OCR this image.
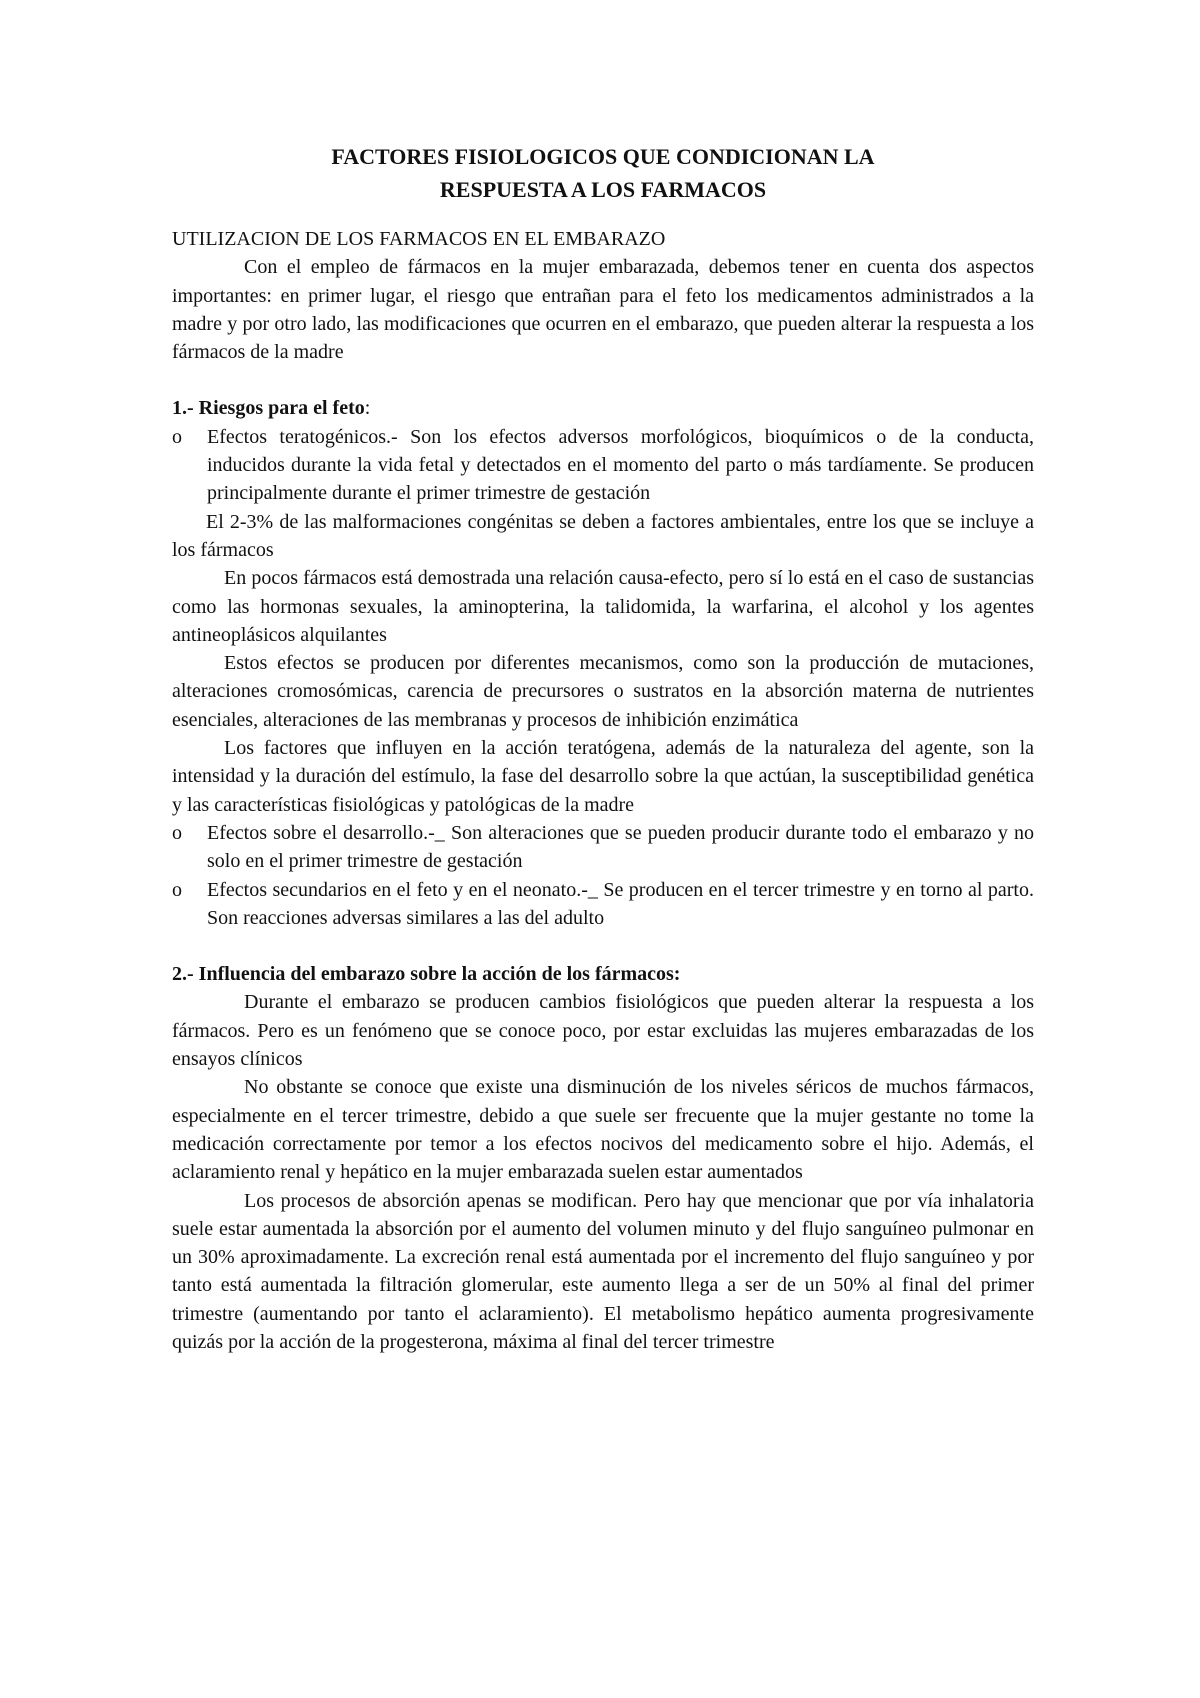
FACTORES FISIOLOGICOS QUE CONDICIONAN LA
RESPUESTA A LOS FARMACOS

UTILIZACION DE LOS FARMACOS EN EL EMBARAZO

Con el empleo de fármacos en la mujer embarazada, debemos tener en cuenta dos aspectos importantes: en primer lugar, el riesgo que entrañan para el feto los medicamentos administrados a la madre y por otro lado, las modificaciones que ocurren en el embarazo, que pueden alterar la respuesta a los fármacos de la madre

1.- Riesgos para el feto:

o Efectos teratogénicos.- Son los efectos adversos morfológicos, bioquímicos o de la conducta, inducidos durante la vida fetal y detectados en el momento del parto o más tardíamente. Se producen principalmente durante el primer trimestre de gestación

El 2-3% de las malformaciones congénitas se deben a factores ambientales, entre los que se incluye a los fármacos

En pocos fármacos está demostrada una relación causa-efecto, pero sí lo está en el caso de sustancias como las hormonas sexuales, la aminopterina, la talidomida, la warfarina, el alcohol y los agentes antineoplásicos alquilantes

Estos efectos se producen por diferentes mecanismos, como son la producción de mutaciones, alteraciones cromosómicas, carencia de precursores o sustratos en la absorción materna de nutrientes esenciales, alteraciones de las membranas y procesos de inhibición enzimática

Los factores que influyen en la acción teratógena, además de la naturaleza del agente, son la intensidad y la duración del estímulo, la fase del desarrollo sobre la que actúan, la susceptibilidad genética y las características fisiológicas y patológicas de la madre

o Efectos sobre el desarrollo.-_ Son alteraciones que se pueden producir durante todo el embarazo y no solo en el primer trimestre de gestación
o Efectos secundarios en el feto y en el neonato.-_ Se producen en el tercer trimestre y en torno al parto. Son reacciones adversas similares a las del adulto

2.- Influencia del embarazo sobre la acción de los fármacos:

Durante el embarazo se producen cambios fisiológicos que pueden alterar la respuesta a los fármacos. Pero es un fenómeno que se conoce poco, por estar excluidas las mujeres embarazadas de los ensayos clínicos

No obstante se conoce que existe una disminución de los niveles séricos de muchos fármacos, especialmente en el tercer trimestre, debido a que suele ser frecuente que la mujer gestante no tome la medicación correctamente por temor a los efectos nocivos del medicamento sobre el hijo. Además, el aclaramiento renal y hepático en la mujer embarazada suelen estar aumentados

Los procesos de absorción apenas se modifican. Pero hay que mencionar que por vía inhalatoria suele estar aumentada la absorción por el aumento del volumen minuto y del flujo sanguíneo pulmonar en un 30% aproximadamente. La excreción renal está aumentada por el incremento del flujo sanguíneo y por tanto está aumentada la filtración glomerular, este aumento llega a ser de un 50% al final del primer trimestre (aumentando por tanto el aclaramiento). El metabolismo hepático aumenta progresivamente quizás por la acción de la progesterona, máxima al final del tercer trimestre
